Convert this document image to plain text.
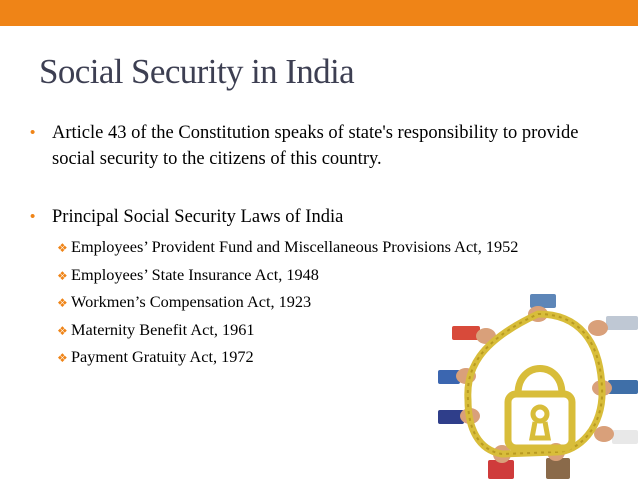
Social Security in India
• Article 43 of the Constitution speaks of state's responsibility to provide social security to the citizens of this country.
• Principal Social Security Laws of India
❖ Employees’ Provident Fund and Miscellaneous Provisions Act, 1952
❖ Employees’ State Insurance Act, 1948
❖ Workmen’s Compensation Act, 1923
❖ Maternity Benefit Act, 1961
❖ Payment Gratuity Act, 1972
